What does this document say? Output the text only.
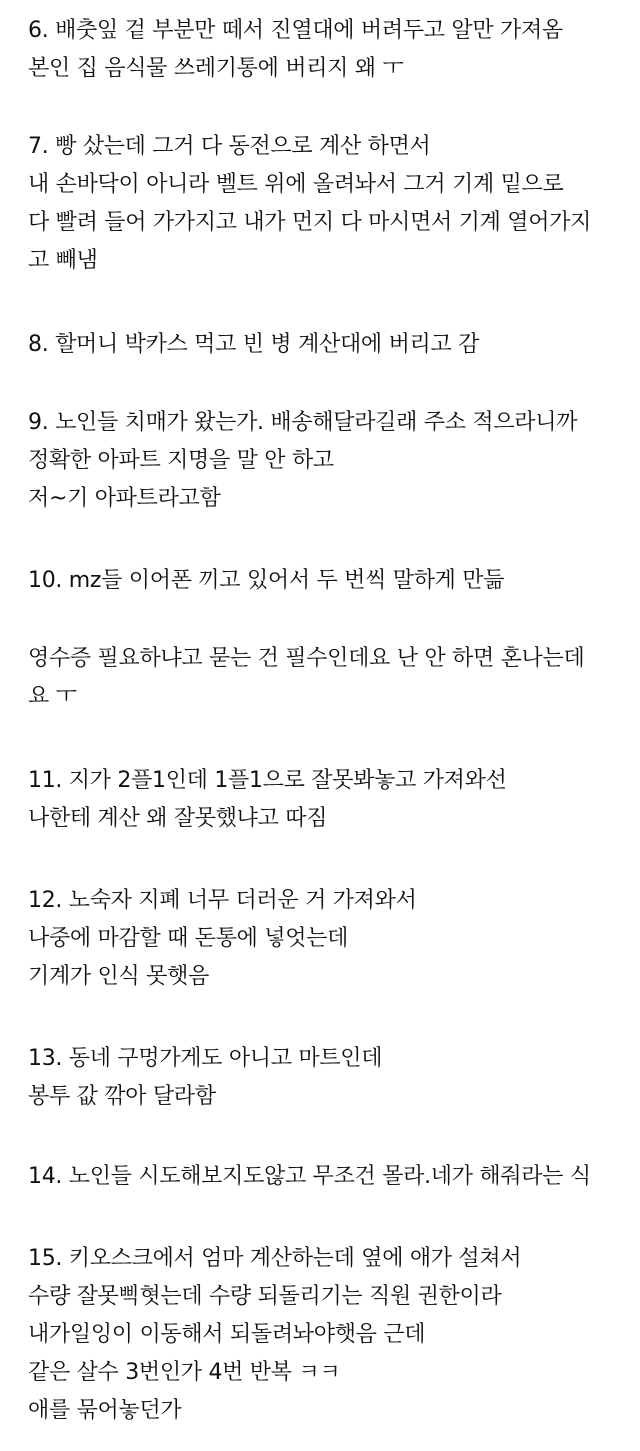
6. 배춧잎 겉 부분만 떼서 진열대에 버려두고 알만 가져옴
본인 집 음식물 쓰레기통에 버리지 왜 ㅜ
7. 빵 샀는데 그거 다 동전으로 계산 하면서
내 손바닥이 아니라 벨트 위에 올려놔서 그거 기계 밑으로
다 빨려 들어 가가지고 내가 먼지 다 마시면서 기계 열어가지
고 빼냄
8. 할머니 박카스 먹고 빈 병 계산대에 버리고 감
9. 노인들 치매가 왔는가. 배송해달라길래 주소 적으라니까
정확한 아파트 지명을 말 안 하고
저~기 아파트라고함
10. mz들 이어폰 끼고 있어서 두 번씩 말하게 만듦
영수증 필요하냐고 묻는 건 필수인데요 난 안 하면 혼나는데
요 ㅜ
11. 지가 2플1인데 1플1으로 잘못봐놓고 가져와선
나한테 계산 왜 잘못했냐고 따짐
12. 노숙자 지폐 너무 더러운 거 가져와서
나중에 마감할 때 돈통에 넣엇는데
기계가 인식 못햇음
13. 동네 구멍가게도 아니고 마트인데
봉투 값 깎아 달라함
14. 노인들 시도해보지도않고 무조건 몰라.네가 해줘라는 식
15. 키오스크에서 엄마 계산하는데 옆에 애가 설쳐서
수량 잘못삑혓는데 수량 되돌리기는 직원 권한이라
내가일잉이 이동해서 되돌려놔야햇음 근데
같은 살수 3번인가 4번 반복 ㅋㅋ
애를 묶어놓던가
